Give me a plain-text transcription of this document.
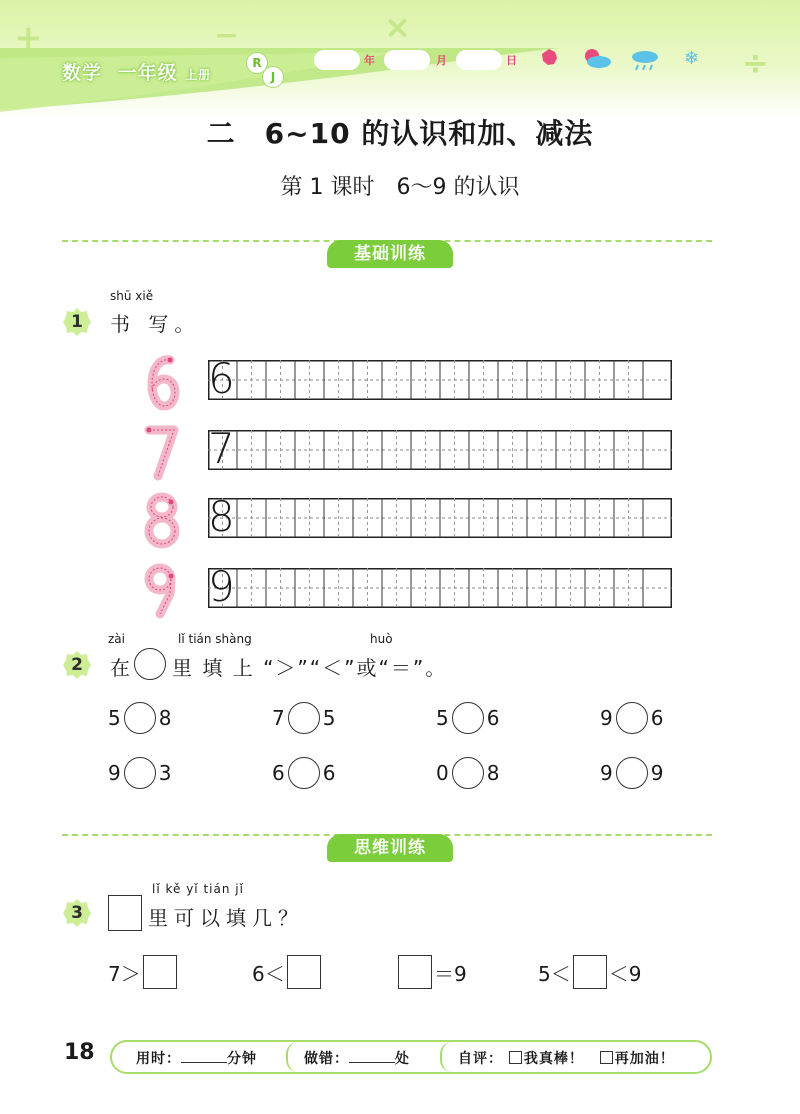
+	−	×
÷
数学 一年级 上册
R
J
年	月	日	❄
二　6~10 的认识和加、减法
第 1 课时　6～9 的认识
基础训练
1
shū xiě
书 写。
6
7
8
9
2
zài	lǐ tián shàng	huò
在 里 填 上 “＞”“＜”或“＝”。
5 8	7 5	5 6	9 6
9 3	6 6	0 8	9 9
思维训练
3
lǐ kě yǐ tián jǐ
里可以填几？
7＞	6＜	＝9	5＜ ＜9
18	用时：	分钟	做错：	处	自评： 我真棒！ 再加油！
